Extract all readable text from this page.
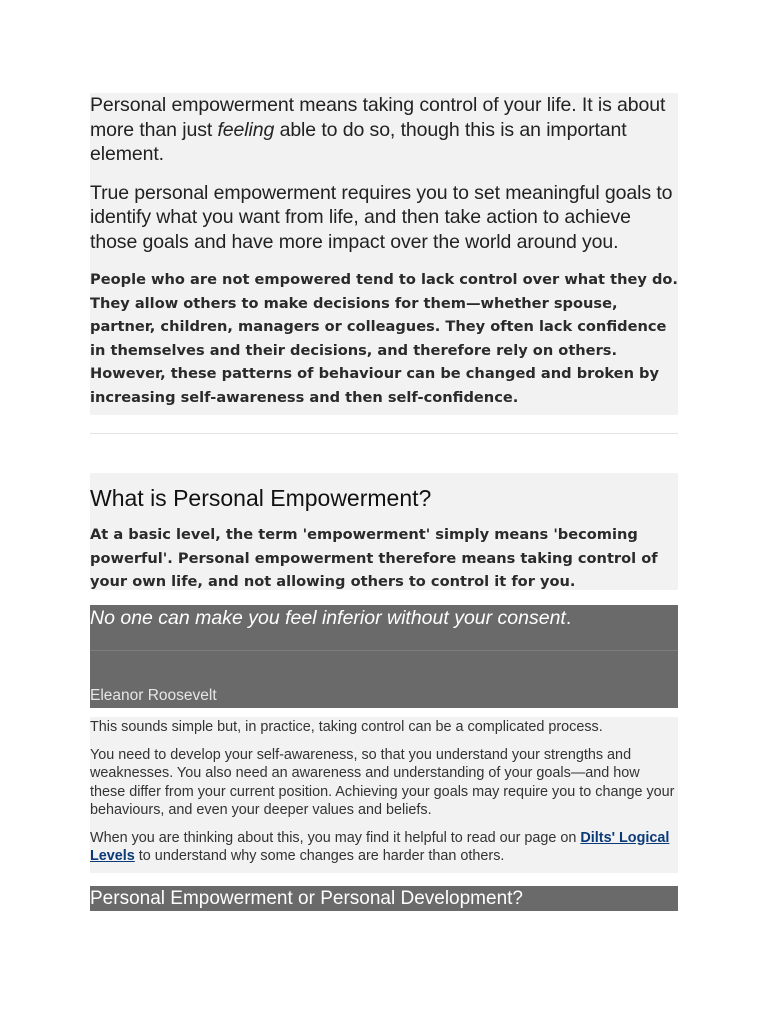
Personal empowerment means taking control of your life. It is about more than just feeling able to do so, though this is an important element.

True personal empowerment requires you to set meaningful goals to identify what you want from life, and then take action to achieve those goals and have more impact over the world around you.

People who are not empowered tend to lack control over what they do. They allow others to make decisions for them—whether spouse, partner, children, managers or colleagues. They often lack confidence in themselves and their decisions, and therefore rely on others. However, these patterns of behaviour can be changed and broken by increasing self-awareness and then self-confidence.

What is Personal Empowerment?

At a basic level, the term 'empowerment' simply means 'becoming powerful'. Personal empowerment therefore means taking control of your own life, and not allowing others to control it for you.

No one can make you feel inferior without your consent.
Eleanor Roosevelt

This sounds simple but, in practice, taking control can be a complicated process.

You need to develop your self-awareness, so that you understand your strengths and weaknesses. You also need an awareness and understanding of your goals—and how these differ from your current position. Achieving your goals may require you to change your behaviours, and even your deeper values and beliefs.

When you are thinking about this, you may find it helpful to read our page on Dilts' Logical Levels to understand why some changes are harder than others.

Personal Empowerment or Personal Development?
